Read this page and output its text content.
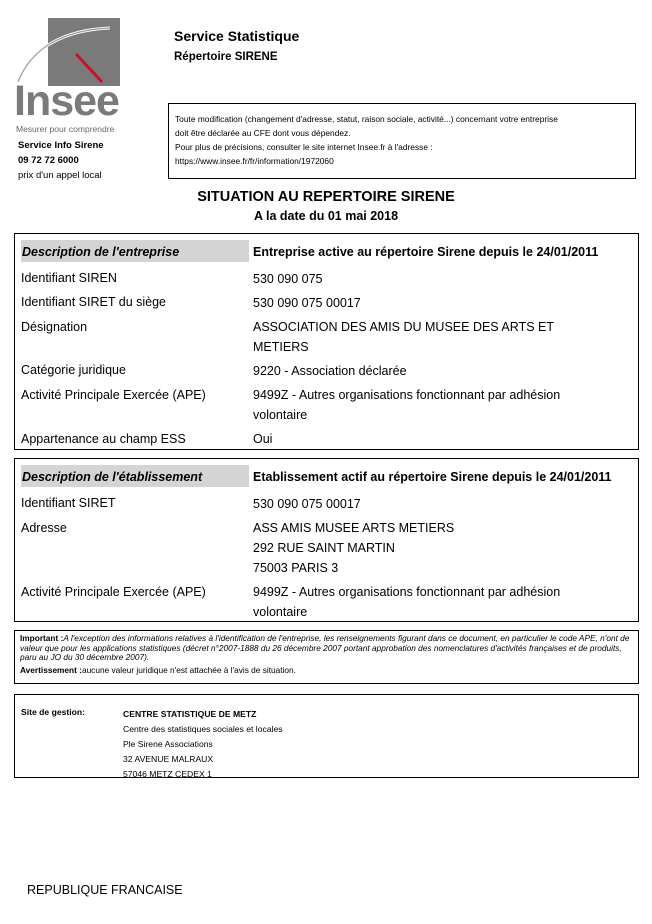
Insee
Mesurer pour comprendre
Service Info Sirene
09 72 72 6000
prix d'un appel local
Service Statistique
Répertoire SIRENE
Toute modification (changement d'adresse, statut, raison sociale, activité...) concernant votre entreprise
doit être déclarée au CFE dont vous dépendez.
Pour plus de précisions, consulter le site internet Insee.fr à l'adresse :
https://www.insee.fr/fr/information/1972060
SITUATION AU REPERTOIRE SIRENE
A la date du 01 mai 2018
Description de l'entreprise	Entreprise active au répertoire Sirene depuis le 24/01/2011
Identifiant SIREN	530 090 075
Identifiant SIRET du siège	530 090 075 00017
Désignation	ASSOCIATION DES AMIS DU MUSEE DES ARTS ET
METIERS
Catégorie juridique	9220 - Association déclarée
Activité Principale Exercée (APE)	9499Z - Autres organisations fonctionnant par adhésion
volontaire
Appartenance au champ ESS	Oui
Description de l'établissement	Etablissement actif au répertoire Sirene depuis le 24/01/2011
Identifiant SIRET	530 090 075 00017
Adresse	ASS AMIS MUSEE ARTS METIERS
292 RUE SAINT MARTIN
75003 PARIS 3
Activité Principale Exercée (APE)	9499Z - Autres organisations fonctionnant par adhésion
volontaire

Important :A l'exception des informations relatives à l'identification de l'entreprise, les renseignements figurant dans ce document, en particulier le code APE, n'ont de valeur que pour les applications statistiques (décret n°2007-1888 du 26 décembre 2007 portant approbation des nomenclatures d'activités françaises et de produits, paru au JO du 30 décembre 2007).

Avertissement :aucune valeur juridique n'est attachée à l'avis de situation.

Site de gestion:	CENTRE STATISTIQUE DE METZ
Centre des statistiques sociales et locales
Ple Sirene Associations
32 AVENUE MALRAUX
57046 METZ CEDEX 1
REPUBLIQUE FRANCAISE
